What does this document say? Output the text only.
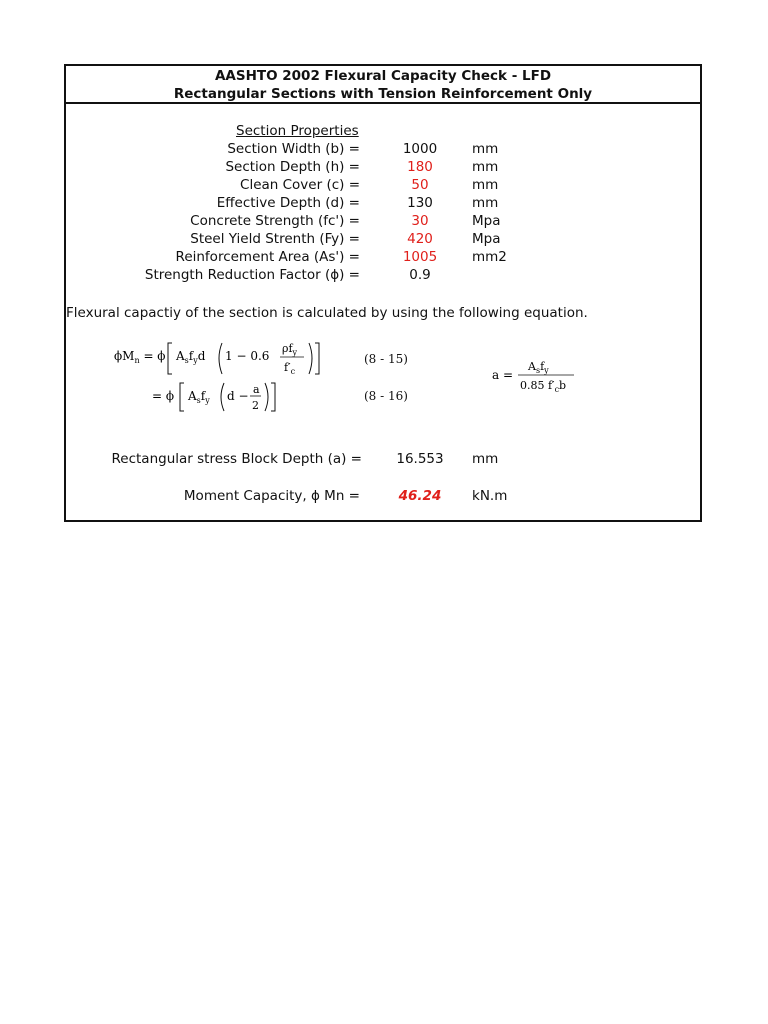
AASHTO 2002 Flexural Capacity Check - LFD
Rectangular Sections with Tension Reinforcement Only
Section Properties
Section Width (b) =	1000	mm
Section Depth (h) =	180	mm
Clean Cover (c) =	50	mm
Effective Depth (d) =	130	mm
Concrete Strength (fc') =	30	Mpa
Steel Yield Strenth (Fy) =	420	Mpa
Reinforcement Area (As') =	1005	mm2
Strength Reduction Factor (ϕ) =	0.9
Flexural capactiy of the section is calculated by using the following equation.
$\phi M_n = \phi$ $A_sf_yd$ 1 − 0.6
$\rho f_y$
$f'_c$
(8 - 15)
= ϕ $A_sf_y$ d − a
2
(8 - 16)
a =
$A_sf_y$
0.85 $f'_cb$
Rectangular stress Block Depth (a) =	16.553	mm
Moment Capacity, ϕ Mn =	46.24	kN.m
